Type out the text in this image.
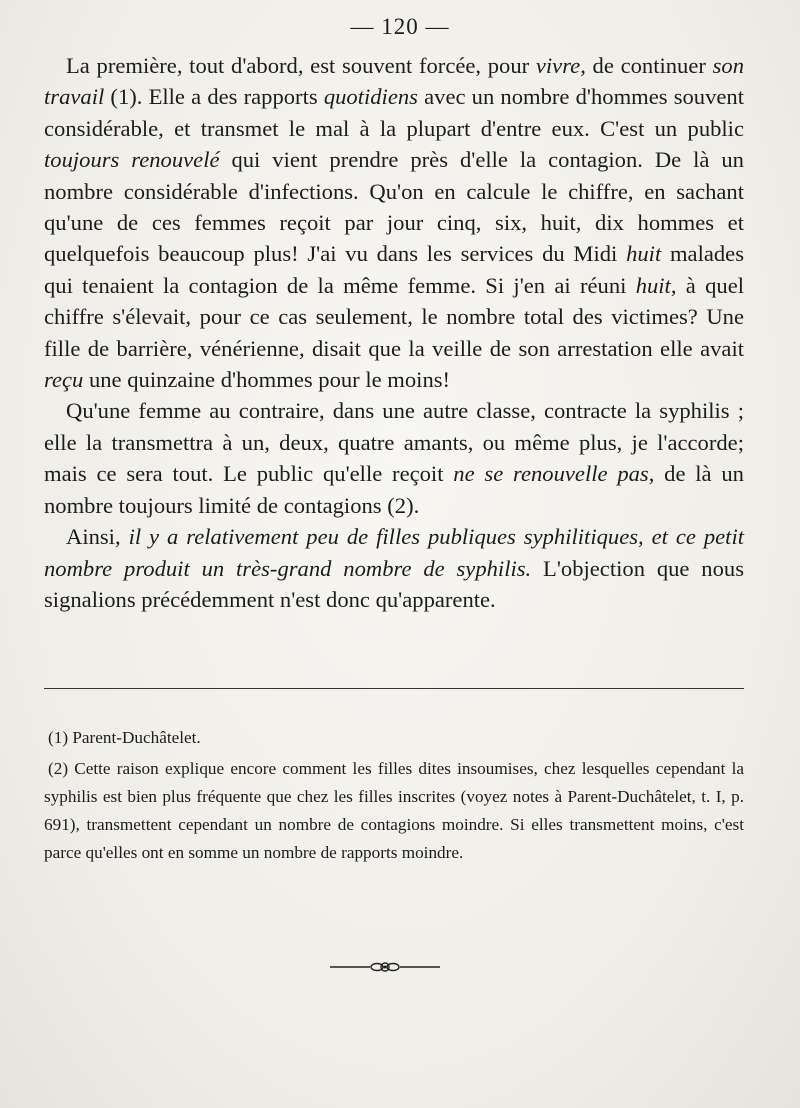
— 120 —

La première, tout d'abord, est souvent forcée, pour vivre, de continuer son travail (1). Elle a des rapports quotidiens avec un nombre d'hommes souvent considérable, et transmet le mal à la plupart d'entre eux. C'est un public toujours renouvelé qui vient prendre près d'elle la contagion. De là un nombre considérable d'infections. Qu'on en calcule le chiffre, en sachant qu'une de ces femmes reçoit par jour cinq, six, huit, dix hommes et quelquefois beaucoup plus! J'ai vu dans les services du Midi huit malades qui tenaient la contagion de la même femme. Si j'en ai réuni huit, à quel chiffre s'élevait, pour ce cas seulement, le nombre total des victimes? Une fille de barrière, vénérienne, disait que la veille de son arrestation elle avait reçu une quinzaine d'hommes pour le moins!

Qu'une femme au contraire, dans une autre classe, contracte la syphilis ; elle la transmettra à un, deux, quatre amants, ou même plus, je l'accorde; mais ce sera tout. Le public qu'elle reçoit ne se renouvelle pas, de là un nombre toujours limité de contagions (2).

Ainsi, il y a relativement peu de filles publiques syphilitiques, et ce petit nombre produit un très-grand nombre de syphilis. L'objection que nous signalions précédemment n'est donc qu'apparente.

(1) Parent-Duchâtelet.

(2) Cette raison explique encore comment les filles dites insoumises, chez lesquelles cependant la syphilis est bien plus fréquente que chez les filles inscrites (voyez notes à Parent-Duchâtelet, t. I, p. 691), transmettent cependant un nombre de contagions moindre. Si elles transmettent moins, c'est parce qu'elles ont en somme un nombre de rapports moindre.
